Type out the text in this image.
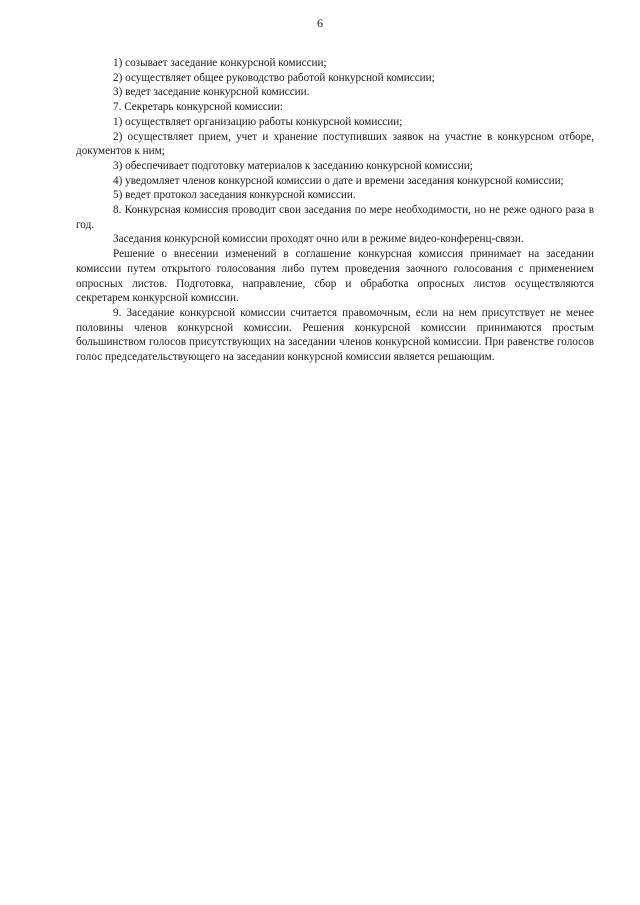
6

1) созывает заседание конкурсной комиссии;

2) осуществляет общее руководство работой конкурсной комиссии;

3) ведет заседание конкурсной комиссии.

7. Секретарь конкурсной комиссии:

1) осуществляет организацию работы конкурсной комиссии;

2) осуществляет прием, учет и хранение поступивших заявок на участие в конкурсном отборе, документов к ним;

3) обеспечивает подготовку материалов к заседанию конкурсной комиссии;

4) уведомляет членов конкурсной комиссии о дате и времени заседания конкурсной комиссии;

5) ведет протокол заседания конкурсной комиссии.

8. Конкурсная комиссия проводит свои заседания по мере необходимости, но не реже одного раза в год.

Заседания конкурсной комиссии проходят очно или в режиме видео-конференц-связи.

Решение о внесении изменений в соглашение конкурсная комиссия принимает на заседании комиссии путем открытого голосования либо путем проведения заочного голосования с применением опросных листов. Подготовка, направление, сбор и обработка опросных листов осуществляются секретарем конкурсной комиссии.

9. Заседание конкурсной комиссии считается правомочным, если на нем присутствует не менее половины членов конкурсной комиссии. Решения конкурсной комиссии принимаются простым большинством голосов присутствующих на заседании членов конкурсной комиссии. При равенстве голосов голос председательствующего на заседании конкурсной комиссии является решающим.
